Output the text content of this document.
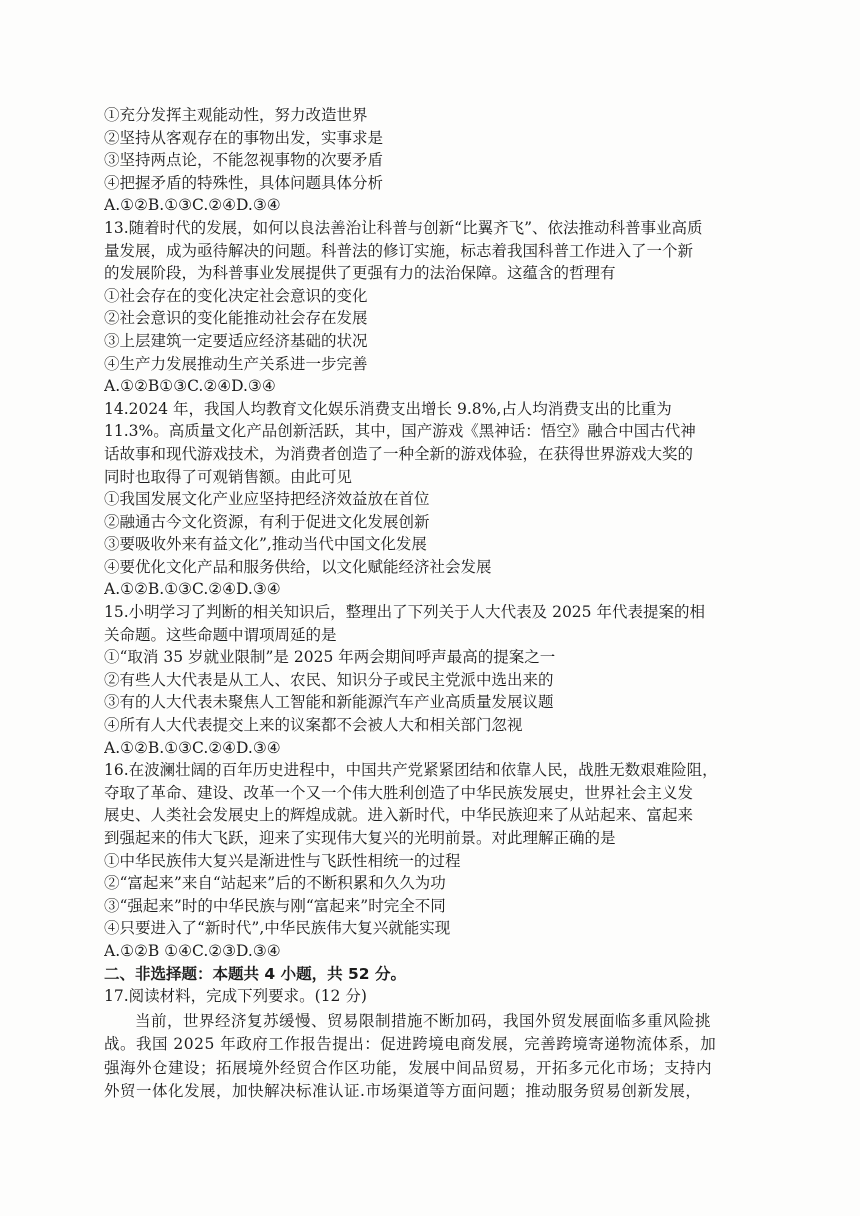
①充分发挥主观能动性，努力改造世界
②坚持从客观存在的事物出发，实事求是
③坚持两点论，不能忽视事物的次要矛盾
④把握矛盾的特殊性，具体问题具体分析
A.①②B.①③C.②④D.③④
13.随着时代的发展，如何以良法善治让科普与创新“比翼齐飞”、依法推动科普事业高质
量发展，成为亟待解决的问题。科普法的修订实施，标志着我国科普工作进入了一个新
的发展阶段，为科普事业发展提供了更强有力的法治保障。这蕴含的哲理有
①社会存在的变化决定社会意识的变化
②社会意识的变化能推动社会存在发展
③上层建筑一定要适应经济基础的状况
④生产力发展推动生产关系进一步完善
A.①②B①③C.②④D.③④
14.2024 年，我国人均教育文化娱乐消费支出增长 9.8%,占人均消费支出的比重为
11.3%。高质量文化产品创新活跃，其中，国产游戏《黑神话：悟空》融合中国古代神
话故事和现代游戏技术，为消费者创造了一种全新的游戏体验，在获得世界游戏大奖的
同时也取得了可观销售额。由此可见
①我国发展文化产业应坚持把经济效益放在首位
②融通古今文化资源，有利于促进文化发展创新
③要吸收外来有益文化”,推动当代中国文化发展
④要优化文化产品和服务供给，以文化赋能经济社会发展
A.①②B.①③C.②④D.③④
15.小明学习了判断的相关知识后，整理出了下列关于人大代表及 2025 年代表提案的相
关命题。这些命题中谓项周延的是
①“取消 35 岁就业限制”是 2025 年两会期间呼声最高的提案之一
②有些人大代表是从工人、农民、知识分子或民主党派中选出来的
③有的人大代表未聚焦人工智能和新能源汽车产业高质量发展议题
④所有人大代表提交上来的议案都不会被人大和相关部门忽视
A.①②B.①③C.②④D.③④
16.在波澜壮阔的百年历史进程中，中国共产党紧紧团结和依靠人民，战胜无数艰难险阻，
夺取了革命、建设、改革一个又一个伟大胜利创造了中华民族发展史，世界社会主义发
展史、人类社会发展史上的辉煌成就。进入新时代，中华民族迎来了从站起来、富起来
到强起来的伟大飞跃，迎来了实现伟大复兴的光明前景。对此理解正确的是
①中华民族伟大复兴是渐进性与飞跃性相统一的过程
②“富起来”来自“站起来”后的不断积累和久久为功
③“强起来”时的中华民族与刚“富起来”时完全不同
④只要进入了“新时代”,中华民族伟大复兴就能实现
A.①②B ①④C.②③D.③④
二、非选择题：本题共 4 小题，共 52 分。
17.阅读材料，完成下列要求。(12 分)
当前，世界经济复苏缓慢、贸易限制措施不断加码，我国外贸发展面临多重风险挑
战。我国 2025 年政府工作报告提出：促进跨境电商发展，完善跨境寄递物流体系，加
强海外仓建设；拓展境外经贸合作区功能，发展中间品贸易，开拓多元化市场；支持内
外贸一体化发展，加快解决标准认证.市场渠道等方面问题；推动服务贸易创新发展，
